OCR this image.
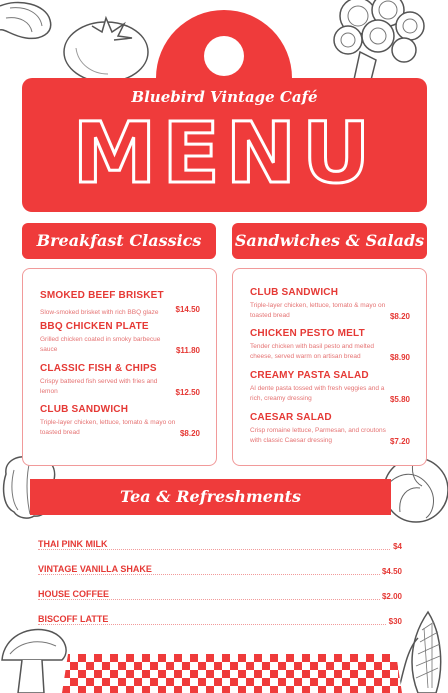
Bluebird Vintage Café
MENU
Breakfast Classics	Sandwiches & Salads
SMOKED BEEF BRISKET
Slow-smoked brisket with rich BBQ glaze $14.50
BBQ CHICKEN PLATE
Grilled chicken coated in smoky barbecue sauce	$11.80
CLASSIC FISH & CHIPS
Crispy battered fish served with fries and lemon	$12.50
CLUB SANDWICH
Triple-layer chicken, lettuce, tomato & mayo on toasted bread	$8.20
CLUB SANDWICH
Triple-layer chicken, lettuce, tomato & mayo on toasted bread	$8.20
CHICKEN PESTO MELT
Tender chicken with basil pesto and melted cheese, served warm on artisan bread	$8.90
CREAMY PASTA SALAD
Al dente pasta tossed with fresh veggies and a rich, creamy dressing	$5.80
CAESAR SALAD
Crisp romaine lettuce, Parmesan, and croutons with classic Caesar dressing	$7.20
Tea & Refreshments
THAI PINK MILK	$4
VINTAGE VANILLA SHAKE	$4.50
HOUSE COFFEE	$2.00
BISCOFF LATTE	$30
